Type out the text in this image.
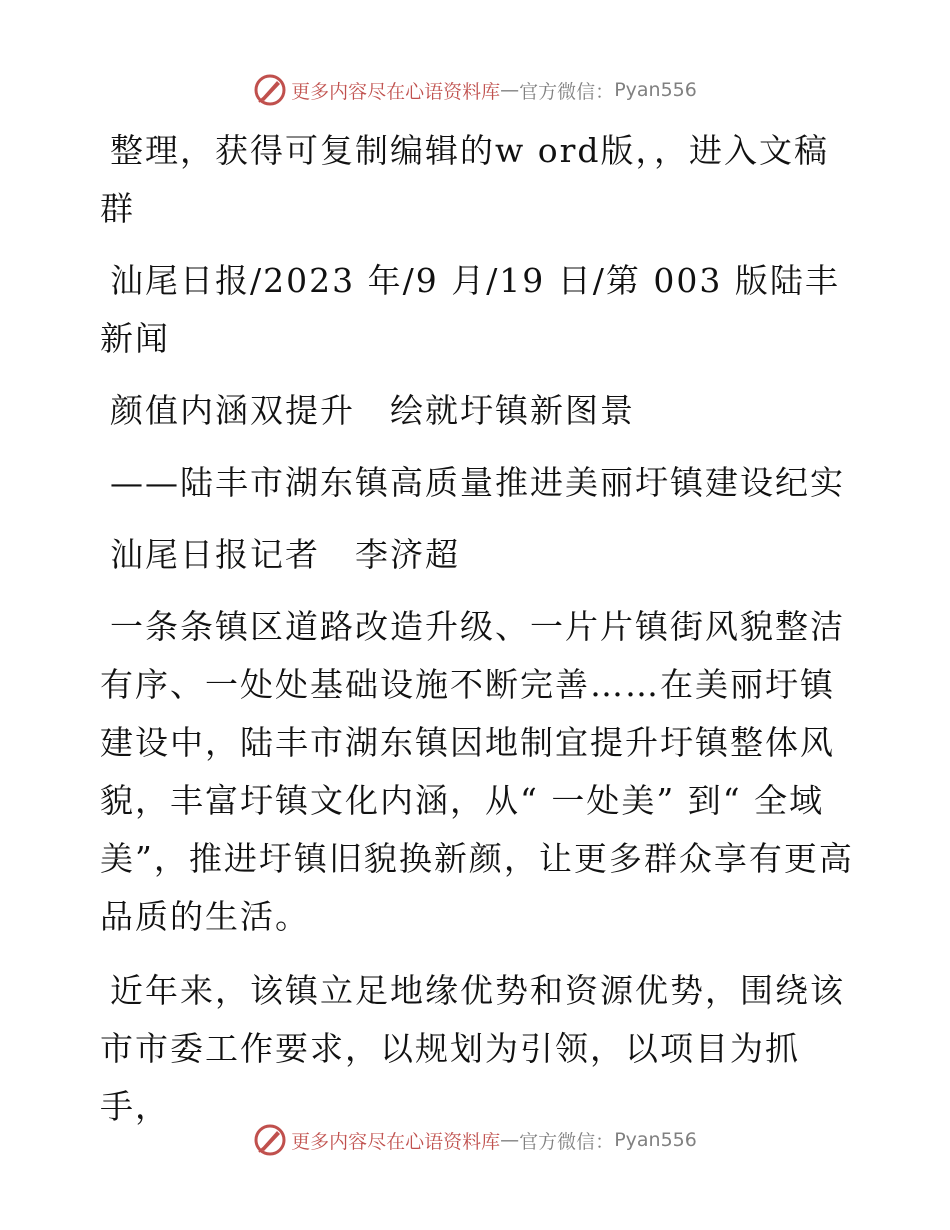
更多内容尽在心语资料库 — 官方微信： Pyan556

整理，获得可复制编辑的w ord版，，进入文稿群

汕尾日报/2023 年/9 月/19 日/第 003 版陆丰新闻

颜值内涵双提升　绘就圩镇新图景

——陆丰市湖东镇高质量推进美丽圩镇建设纪实

汕尾日报记者　李济超

一条条镇区道路改造升级、一片片镇街风貌整洁有序、一处处基础设施不断完善……在美丽圩镇建设中，陆丰市湖东镇因地制宜提升圩镇整体风貌，丰富圩镇文化内涵，从“ 一处美” 到“ 全域美”，推进圩镇旧貌换新颜，让更多群众享有更高品质的生活。

近年来，该镇立足地缘优势和资源优势，围绕该市市委工作要求，以规划为引领，以项目为抓手，

更多内容尽在心语资料库 — 官方微信： Pyan556
